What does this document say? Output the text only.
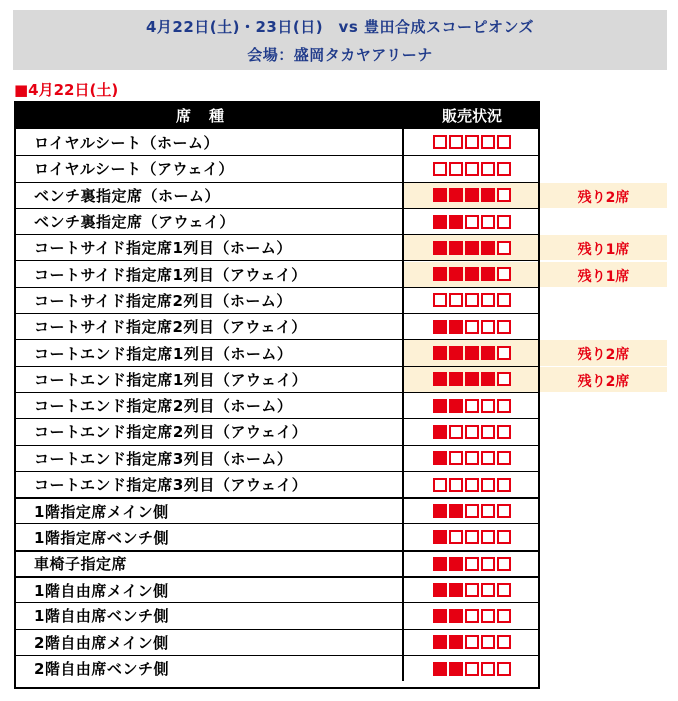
4月22日(土)・23日(日)　vs 豊田合成スコーピオンズ
会場：盛岡タカヤアリーナ
■4月22日(土)
席種	販売状況
ロイヤルシート（ホーム）
ロイヤルシート（アウェイ）
ベンチ裏指定席（ホーム）
ベンチ裏指定席（アウェイ）
コートサイド指定席1列目（ホーム）
コートサイド指定席1列目（アウェイ）
コートサイド指定席2列目（ホーム）
コートサイド指定席2列目（アウェイ）
コートエンド指定席1列目（ホーム）
コートエンド指定席1列目（アウェイ）
コートエンド指定席2列目（ホーム）
コートエンド指定席2列目（アウェイ）
コートエンド指定席3列目（ホーム）
コートエンド指定席3列目（アウェイ）
1階指定席メイン側
1階指定席ベンチ側
車椅子指定席
1階自由席メイン側
1階自由席ベンチ側
2階自由席メイン側
2階自由席ベンチ側
残り2席
残り1席
残り1席
残り2席
残り2席
